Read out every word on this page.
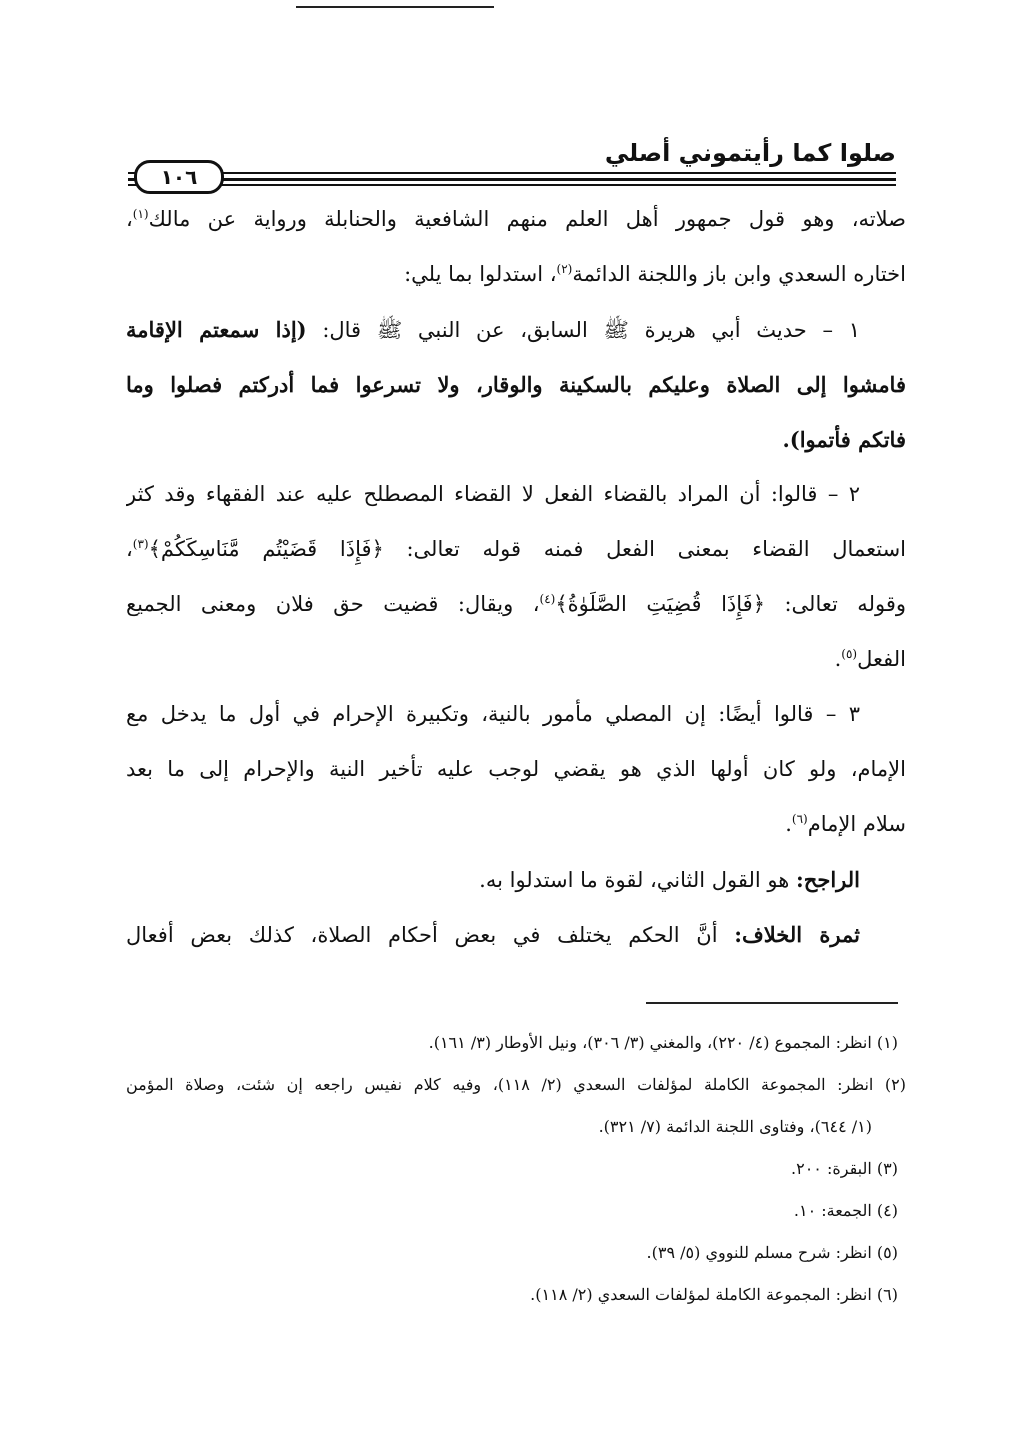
صلوا كما رأيتموني أصلي
١٠٦
صلاته، وهو قول جمهور أهل العلم منهم الشافعية والحنابلة ورواية عن مالك$^{(١)}$،
اختاره السعدي وابن باز واللجنة الدائمة$^{(٢)}$، استدلوا بما يلي:
١ – حديث أبي هريرة ﷺ السابق، عن النبي ﷺ قال: (إذا سمعتم الإقامة
فامشوا إلى الصلاة وعليكم بالسكينة والوقار، ولا تسرعوا فما أدركتم فصلوا وما
فاتكم فأتموا).
٢ – قالوا: أن المراد بالقضاء الفعل لا القضاء المصطلح عليه عند الفقهاء وقد كثر
استعمال القضاء بمعنى الفعل فمنه قوله تعالى: ﴿فَإِذَا قَضَيْتُم مَّنَاسِكَكُمْ﴾$^{(٣)}$،
وقوله تعالى: ﴿فَإِذَا قُضِيَتِ الصَّلَوٰةُ﴾$^{(٤)}$، ويقال: قضيت حق فلان ومعنى الجميع
الفعل$^{(٥)}$.
٣ – قالوا أيضًا: إن المصلي مأمور بالنية، وتكبيرة الإحرام في أول ما يدخل مع
الإمام، ولو كان أولها الذي هو يقضي لوجب عليه تأخير النية والإحرام إلى ما بعد
سلام الإمام$^{(٦)}$.
الراجح: هو القول الثاني، لقوة ما استدلوا به.
ثمرة الخلاف: أنَّ الحكم يختلف في بعض أحكام الصلاة، كذلك بعض أفعال
(١) انظر: المجموع (٤/ ٢٢٠)، والمغني (٣/ ٣٠٦)، ونيل الأوطار (٣/ ١٦١).
(٢) انظر: المجموعة الكاملة لمؤلفات السعدي (٢/ ١١٨)، وفيه كلام نفيس راجعه إن شئت، وصلاة المؤمن
(١/ ٦٤٤)، وفتاوى اللجنة الدائمة (٧/ ٣٢١).
(٣) البقرة: ٢٠٠.
(٤) الجمعة: ١٠.
(٥) انظر: شرح مسلم للنووي (٥/ ٣٩).
(٦) انظر: المجموعة الكاملة لمؤلفات السعدي (٢/ ١١٨).
